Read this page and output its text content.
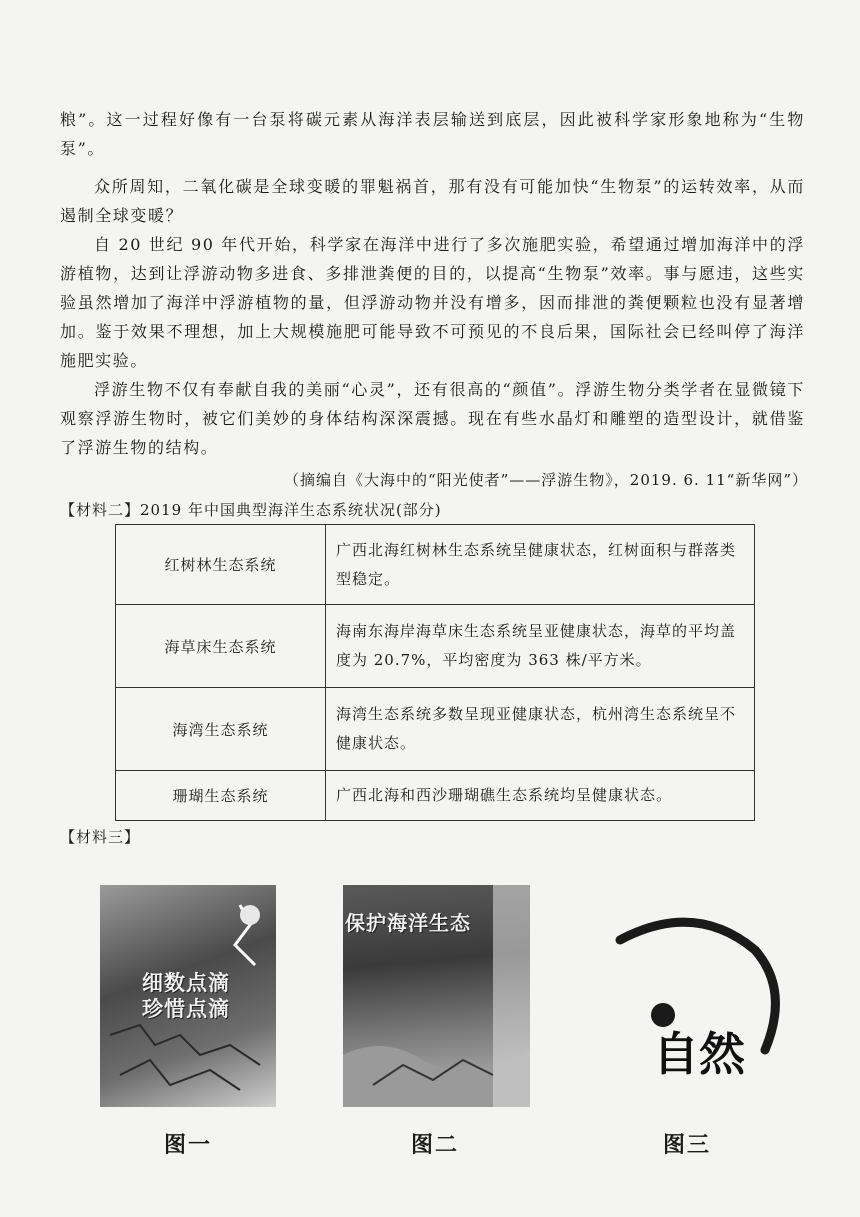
粮”。这一过程好像有一台泵将碳元素从海洋表层输送到底层，因此被科学家形象地称为“生物泵”。

众所周知，二氧化碳是全球变暖的罪魁祸首，那有没有可能加快“生物泵”的运转效率，从而遏制全球变暖？

自 20 世纪 90 年代开始，科学家在海洋中进行了多次施肥实验，希望通过增加海洋中的浮游植物，达到让浮游动物多进食、多排泄粪便的目的，以提高“生物泵”效率。事与愿违，这些实验虽然增加了海洋中浮游植物的量，但浮游动物并没有增多，因而排泄的粪便颗粒也没有显著增加。鉴于效果不理想，加上大规模施肥可能导致不可预见的不良后果，国际社会已经叫停了海洋施肥实验。

浮游生物不仅有奉献自我的美丽“心灵”，还有很高的“颜值”。浮游生物分类学者在显微镜下观察浮游生物时，被它们美妙的身体结构深深震撼。现在有些水晶灯和雕塑的造型设计，就借鉴了浮游生物的结构。

（摘编自《大海中的“阳光使者”——浮游生物》，2019. 6. 11“新华网”）
【材料二】2019 年中国典型海洋生态系统状况(部分)
红树林生态系统	广西北海红树林生态系统呈健康状态，红树面积与群落类型稳定。
海草床生态系统	海南东海岸海草床生态系统呈亚健康状态，海草的平均盖度为 20.7%，平均密度为 363 株/平方米。
海湾生态系统	海湾生态系统多数呈现亚健康状态，杭州湾生态系统呈不健康状态。
珊瑚生态系统	广西北海和西沙珊瑚礁生态系统均呈健康状态。
【材料三】
细数点滴
珍惜点滴
保护海洋生态
自然
图一	图二	图三
